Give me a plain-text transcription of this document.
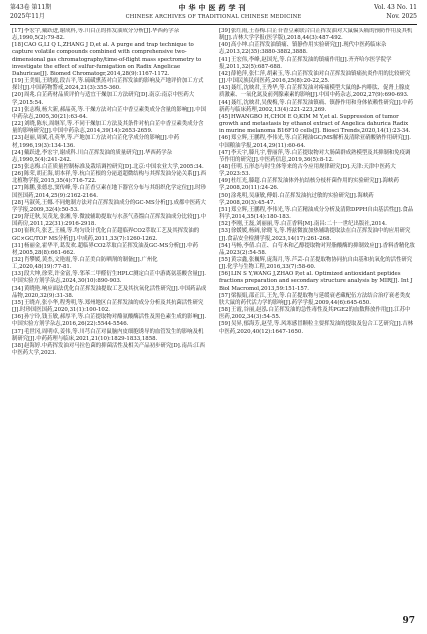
第43卷 第11期
2025年11月
中华中医药学刊
CHINESE ARCHIVES OF TRADITIONAL CHINESE MEDICINE
Vol. 43 No. 11
Nov. 2025

[17]李宏宇,戴跃进,谢成科,等.川白芷的挥发油成分分析[J].华西药学杂志,1990,5(2):79-82.

[18]CAO G,LI Q L,ZHANG J D,et al. A purge and trap technique to capture volatile compounds combined with comprehensive two-dimensional gas chromatography/time-of-flight mass spectrometry to investigate the effect of sulfur-fumigation on Radix Angelicae Dahuricae[J]. Biomed Chromatogr,2014,28(9):1167-1172.

[19]王美娟,王晓霞,段吉平,等.硫磺熏蒸对白芷挥发油的影响及产地评价加工方式探讨[J].中国药物警戒,2024,21(3):355-360.

[20]周兆.白芷药材品质评价与适宜干燥加工方法研究[D].南京:南京中医药大学,2015:54.

[21]张志梅,杨大新,郝晶英,等.干燥方法对白芷中香豆素类成分含量的影响[J].中国中药杂志,2005,30(21):63-64.

[22]刘晓,陈东,周继军,等.不同干燥加工方法及其条件对杭白芷中香豆素类成分含量的影响研究[J].中国中药杂志,2014,39(14):2653-2659.

[23]赵丽,周斌,孔英华,等.产地加工方法对白芷化学成分的影响[J].中药材,1996,19(3):134-136.

[24]戴跃进,李宏宇,谢成科.川白芷挥发油的质量研究[J].华西药学杂志,1990,5(4):241-242.

[25]张志梅.白芷质量控制标准及栽培调控研究[D].北京:中国农业大学,2005:34.

[26]陈荣,胡正海,胡本祥,等.杭白芷根的分泌道超微结构与其挥发油分泌关系[J].西北植物学报,2015,35(4):716-722.

[27]陈鹏,张德忠,窦传峰,等.白芷香豆素在地下器官分布与其组织化学定位[J].时珍国医国药,2014,25(9):2162-2164.

[28]马淑英,王娜.不同炮制方法对白芷挥发油成分的GC-MS分析[J].成都中医药大学学报,2009,32(4):50-53.

[29]舒迁秋,吴茂龙,张湘,等.微波辅助提取与水蒸气蒸馏白芷挥发油成分比较[J].中国药房,2011,22(31):2916-2918.

[30]崔秋兵,张艺,王楠,等.均匀设计优化白芷超临界CO2萃取工艺及其挥发油的GC×GC/TOF MS分析[J].中成药,2011,33(7):1260-1262.

[31]杨丽金,霍华平,葛发欢.超临界CO2萃取白芷挥发油及GC-MS分析[J].中药材,2005,28(8):661-662.

[32]肖攀媛,黄杰,文艳霞,等.白芷美白防晒剂的制备[J].广州化工,2020,48(19):77-81.

[33]段大坤,徐荣,许金富,等.邻苯二甲醛衍生HPLC测定白芷中游离氨基酸含量[J].中国实验方剂学杂志,2024,30(10):890-903.

[34]黄晓艳.响应面法优化白芷挥发油提取工艺及其抗氧化活性研究[J].中国药品成品物,2020,32(9):31-38.

[35]王晓卉,张小华,程秀明,等.郑州地区白芷挥发油的成分分析及其抗菌活性研究[J].时珍国医国药,2020,31(1):100-102.

[36]孙宁玲,钱玉敏,郝厚平,等.白芷提取物对酪氨酸酶活性及黑色素生成的影响[J].中国实验方剂学杂志,2016,26(22):5544-5546.

[37]毛世冈,周明卓,姜伟,等.川芎白芷对鼠脑内皮细胞诱导的血管发生的影响及机制研究[J].中药药理与临床,2021,21(10):1829-1833,1858.

[38]赵海婷.中药挥发油对马拉色菌的抑菌活性及相关产品初步研究[D].南昌:江西中医药大学,2023.

[39]张红雨,王春梅.白芷苷香豆素联合白芷挥发油对大鼠偏头痛的预防作用及其机制[J].吉林大学学报(医学版),2018,44(3):487-492.

[40]高小坤.白芷挥发油镇痛、镇静作用实验研究[J].现代中医药临床杂志,2013,22(35):3880-3882,3888.

[41]王宏伟,李峰,赵国光,等.白芷挥发油的镇痛作用[J].齐齐哈尔医学院学报,2011,32(5):687-688.

[42]薛艳萍,张仁萍,胡素玉,等.白芷挥发油对白芷挥发油镇痛抗炎作用的比较研究[J].中国民族民间医药,2016,25(8):20-22,25.

[43]聂红,沈映君,王秀华,等.白芷挥发油对疼痛模型大鼠的β-内啡肽、促肾上腺皮质激素、一氧化氮及前列腺素素的影响[J].中国中药杂志,2002,27(9):690-693.

[44]聂红,沈映君,吴俊梅,等.白芷挥发油镇痛、镇静作用和身体依赖性研究[J].中药新药与临床药理,2002,13(4):221-223,269.

[45]HWANGBO H,CHOI E O,KIM M Y,et al. Suppression of tumor growth and metastasis by ethanol extract of Angelica dahurica Radix in murine melanoma B16F10 cells[J]. Biosci Trends,2020,14(1):23-34.

[46]郑立辉,王鹏程,李伟光,等.白芷精油GC/MS解析及清除亚硝酸钠作用研究[J].中国粮油学报,2014,29(11):60-64.

[47]李天宇,滕凡宇,曹丽萍,等.白芷提取物对大肠菌群成熟模型及其抑制和免疫调节作用的研究[J].中医药信息,2019,36(5):8-12.

[48]任明.五形态与时生体等来的古今应用规律研究[D].天津:天津中医药大学,2023:53.

[49]杜红光,滕超.白芷挥发油体外抗结核分枝杆菌作用的实验研究[J].海峡药学,2008,20(11):24-26.

[50]涂兆明,吴康敏,傅娟.白芷挥发油抗过敏的实验研究[J].海峡药学,2008,20(3):45-47.

[51]郑立辉,王鹏程,李伟光,等.白芷精油成分分析及清除DPPH自由基活性[J].食品科学,2014,35(14):180-183.

[52]李刚,王磊,刘丽丽,等.白芷香料[M].南昌:二十一世纪出版社,2014.

[53]徐媛媛,杨阔,徐晓飞,等.博兹微波加热辅助提取法在白芷挥发油中的应用研究[J].食品安全检测学报,2023,14(17):261-268.

[54]马畅,李倩.白芷、白芍木和乙醇提取物对羟脂酸酶的抑制效应[J].香料香精化妆品,2023(2):54-58.

[55]黄宗鑫,张巍辉,庞海月,等.芦芸-白芷提取物协同抗自由基和抗氧化的活性研究[J].化学与生物工程,2016,33(7):58-60.

[56]LIN S Y,WANG J,ZHAO P,et al. Optimized antioxidant peptides fractions preparation and secondary structure analysis by MIR[J]. Int J Biol Macromol,2013,59:151-157.

[57]梁振娟,邵正江,王先,等.白芷提取物与延缓衰老藏配伍方法结合治疗衰老类皮肤大鼠的药代活力学的影响[J].药学学报,2009,44(6):645-650.

[58]王霞,谷丽,赵泓.白芷挥发油的急性毒性及其PGE2的血数释放作用[J].江苏中医药,2002,34(3):54-55.

[59]吴昇,郁海芳,赵莹,等.风寒感冒颗粒主要挥发油的提取及包合工艺研究[J].吉林中医药,2020,40(12):1647-1650.

97
